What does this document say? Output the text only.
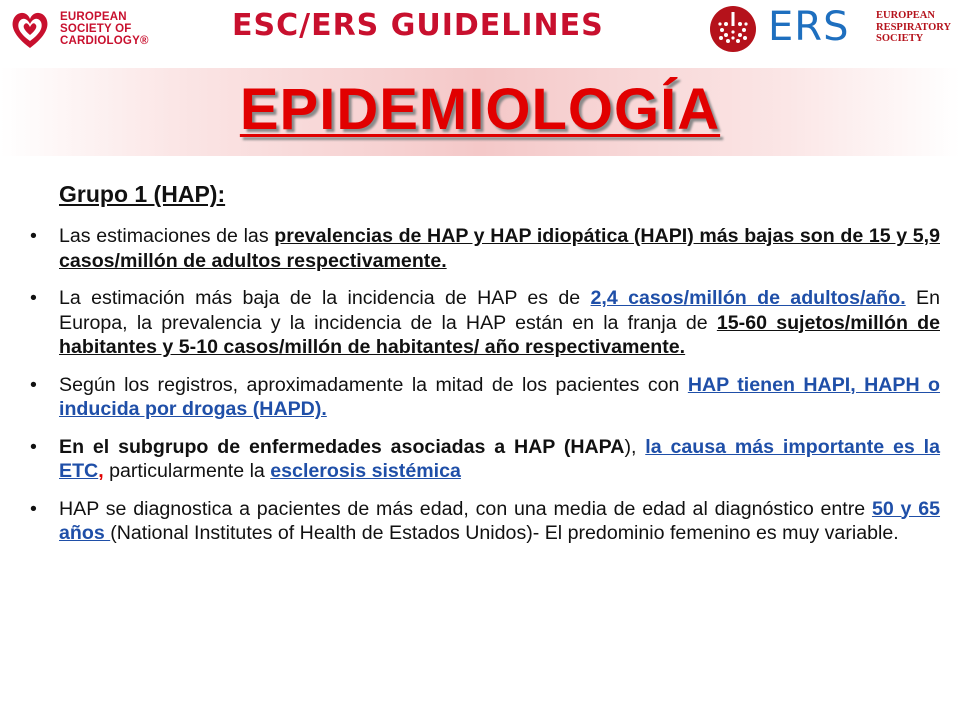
EUROPEAN
SOCIETY OF
CARDIOLOGY®	ESC/ERS GUIDELINES	ERS	EUROPEAN
RESPIRATORY
SOCIETY
EPIDEMIOLOGÍA
Grupo 1 (HAP):
• Las estimaciones de las prevalencias de HAP y HAP idiopática (HAPI) más bajas son de 15 y 5,9 casos/millón de adultos respectivamente.
• La estimación más baja de la incidencia de HAP es de 2,4 casos/millón de adultos/año. En Europa, la prevalencia y la incidencia de la HAP están en la franja de 15-60 sujetos/millón de habitantes y 5-10 casos/millón de habitantes/ año respectivamente.
• Según los registros, aproximadamente la mitad de los pacientes con HAP tienen HAPI, HAPH o inducida por drogas (HAPD).
• En el subgrupo de enfermedades asociadas a HAP (HAPA), la causa más importante es la ETC, particularmente la esclerosis sistémica
• HAP se diagnostica a pacientes de más edad, con una media de edad al diagnóstico entre 50 y 65 años (National Institutes of Health de Estados Unidos)- El predominio femenino es muy variable.
